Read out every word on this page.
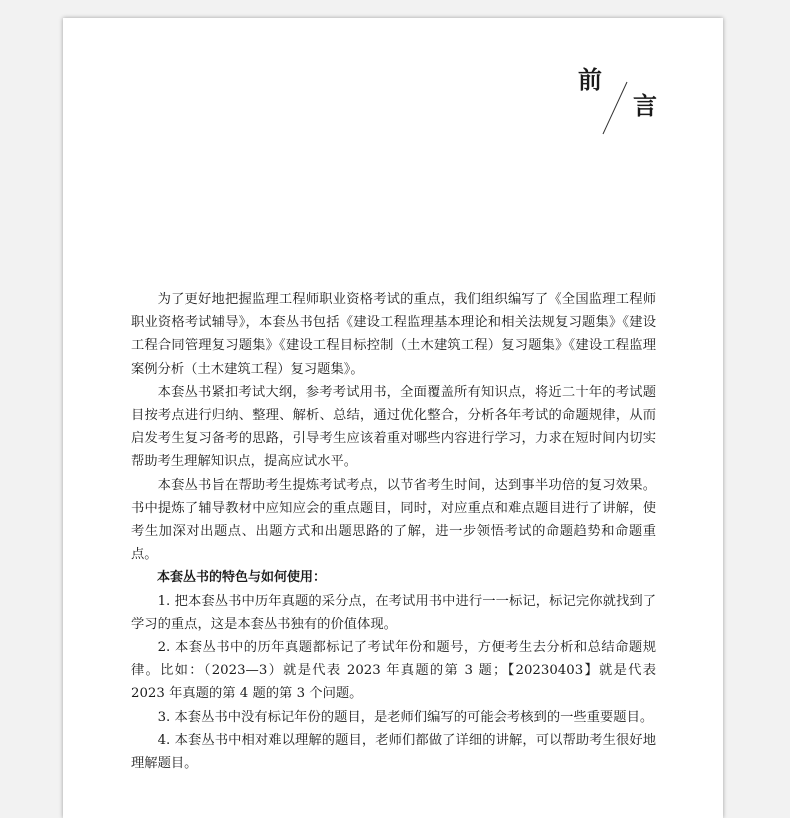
前
言

为了更好地把握监理工程师职业资格考试的重点，我们组织编写了《全国监理工程师职业资格考试辅导》，本套丛书包括《建设工程监理基本理论和相关法规复习题集》《建设工程合同管理复习题集》《建设工程目标控制（土木建筑工程）复习题集》《建设工程监理案例分析（土木建筑工程）复习题集》。

本套丛书紧扣考试大纲，参考考试用书，全面覆盖所有知识点，将近二十年的考试题目按考点进行归纳、整理、解析、总结，通过优化整合，分析各年考试的命题规律，从而启发考生复习备考的思路，引导考生应该着重对哪些内容进行学习，力求在短时间内切实帮助考生理解知识点，提高应试水平。

本套丛书旨在帮助考生提炼考试考点，以节省考生时间，达到事半功倍的复习效果。书中提炼了辅导教材中应知应会的重点题目，同时，对应重点和难点题目进行了讲解，使考生加深对出题点、出题方式和出题思路的了解，进一步领悟考试的命题趋势和命题重点。

本套丛书的特色与如何使用：

1. 把本套丛书中历年真题的采分点，在考试用书中进行一一标记，标记完你就找到了学习的重点，这是本套丛书独有的价值体现。

2. 本套丛书中的历年真题都标记了考试年份和题号，方便考生去分析和总结命题规律。比如：（2023—3）就是代表 2023 年真题的第 3 题；【20230403】就是代表 2023 年真题的第 4 题的第 3 个问题。

3. 本套丛书中没有标记年份的题目，是老师们编写的可能会考核到的一些重要题目。

4. 本套丛书中相对难以理解的题目，老师们都做了详细的讲解，可以帮助考生很好地理解题目。
